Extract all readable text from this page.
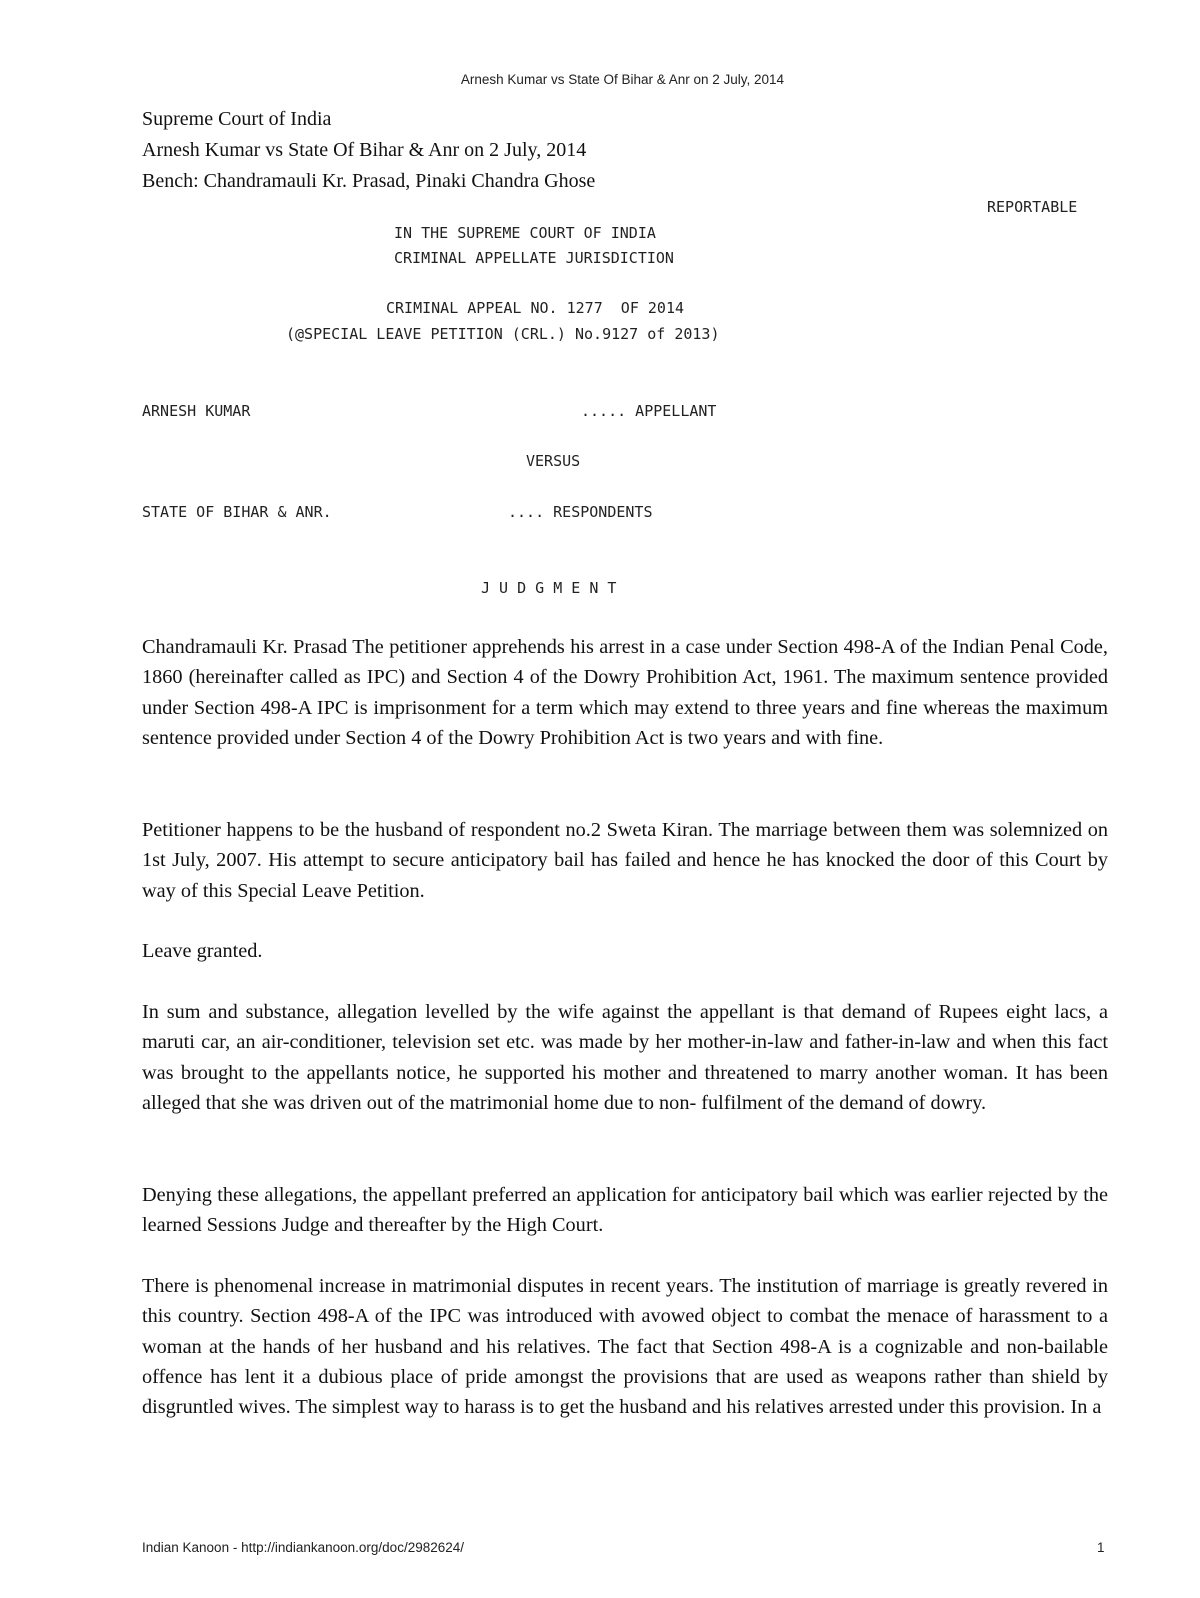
Arnesh Kumar vs State Of Bihar & Anr on 2 July, 2014
Supreme Court of India
Arnesh Kumar vs State Of Bihar & Anr on 2 July, 2014
Bench: Chandramauli Kr. Prasad, Pinaki Chandra Ghose
REPORTABLE
IN THE SUPREME COURT OF INDIA
CRIMINAL APPELLATE JURISDICTION
CRIMINAL APPEAL NO. 1277  OF 2014
(@SPECIAL LEAVE PETITION (CRL.) No.9127 of 2013)
ARNESH KUMAR	..... APPELLANT
VERSUS
STATE OF BIHAR & ANR.	.... RESPONDENTS
J U D G M E N T

Chandramauli Kr. Prasad The petitioner apprehends his arrest in a case under Section 498-A of the Indian Penal Code, 1860 (hereinafter called as IPC) and Section 4 of the Dowry Prohibition Act, 1961. The maximum sentence provided under Section 498-A IPC is imprisonment for a term which may extend to three years and fine whereas the maximum sentence provided under Section 4 of the Dowry Prohibition Act is two years and with fine.

Petitioner happens to be the husband of respondent no.2 Sweta Kiran. The marriage between them was solemnized on 1st July, 2007. His attempt to secure anticipatory bail has failed and hence he has knocked the door of this Court by way of this Special Leave Petition.

Leave granted.

In sum and substance, allegation levelled by the wife against the appellant is that demand of Rupees eight lacs, a maruti car, an air-conditioner, television set etc. was made by her mother-in-law and father-in-law and when this fact was brought to the appellants notice, he supported his mother and threatened to marry another woman. It has been alleged that she was driven out of the matrimonial home due to non- fulfilment of the demand of dowry.

Denying these allegations, the appellant preferred an application for anticipatory bail which was earlier rejected by the learned Sessions Judge and thereafter by the High Court.

There is phenomenal increase in matrimonial disputes in recent years. The institution of marriage is greatly revered in this country. Section 498-A of the IPC was introduced with avowed object to combat the menace of harassment to a woman at the hands of her husband and his relatives. The fact that Section 498-A is a cognizable and non-bailable offence has lent it a dubious place of pride amongst the provisions that are used as weapons rather than shield by disgruntled wives. The simplest way to harass is to get the husband and his relatives arrested under this provision. In a

Indian Kanoon - http://indiankanoon.org/doc/2982624/	1
